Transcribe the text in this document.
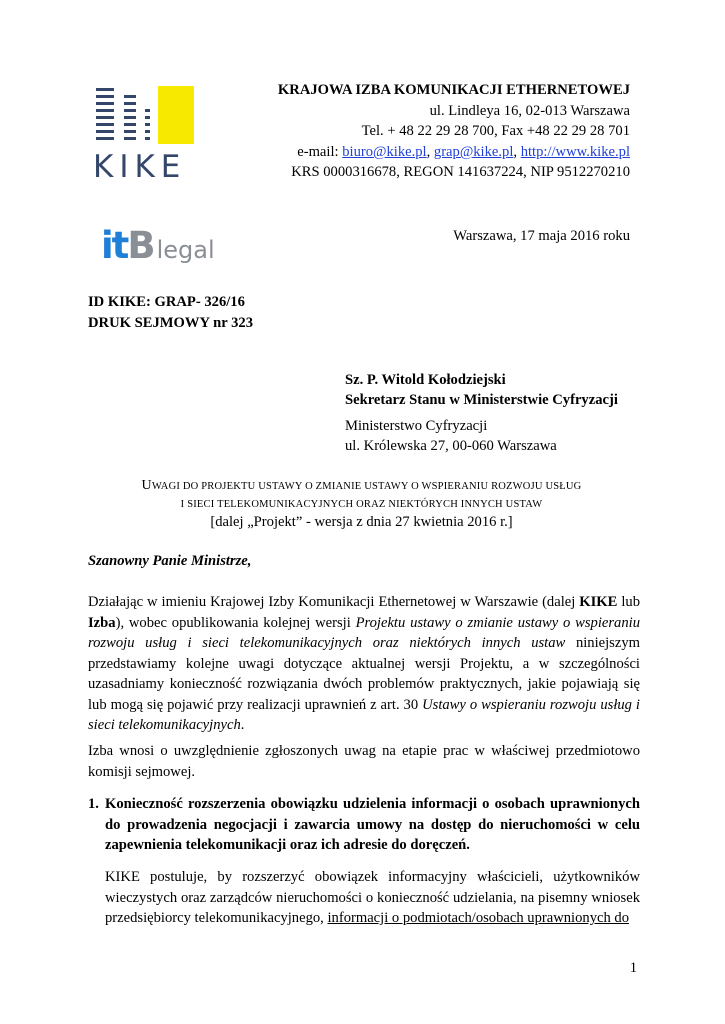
KIKE
itBlegal
KRAJOWA IZBA KOMUNIKACJI ETHERNETOWEJ
ul. Lindleya 16, 02-013 Warszawa
Tel. + 48 22 29 28 700, Fax +48 22 29 28 701
e-mail: biuro@kike.pl, grap@kike.pl, http://www.kike.pl
KRS 0000316678, REGON 141637224, NIP 9512270210
Warszawa, 17 maja 2016 roku
ID KIKE: GRAP- 326/16
DRUK SEJMOWY nr 323
Sz. P. Witold Kołodziejski
Sekretarz Stanu w Ministerstwie Cyfryzacji
Ministerstwo Cyfryzacji
ul. Królewska 27, 00-060 Warszawa
UWAGI DO PROJEKTU USTAWY O ZMIANIE USTAWY O WSPIERANIU ROZWOJU USŁUG
I SIECI TELEKOMUNIKACYJNYCH ORAZ NIEKTÓRYCH INNYCH USTAW
[dalej „Projekt” - wersja z dnia 27 kwietnia 2016 r.]
Szanowny Panie Ministrze,

Działając w imieniu Krajowej Izby Komunikacji Ethernetowej w Warszawie (dalej KIKE lub Izba), wobec opublikowania kolejnej wersji Projektu ustawy o zmianie ustawy o wspieraniu rozwoju usług i sieci telekomunikacyjnych oraz niektórych innych ustaw niniejszym przedstawiamy kolejne uwagi dotyczące aktualnej wersji Projektu, a w szczególności uzasadniamy konieczność rozwiązania dwóch problemów praktycznych, jakie pojawiają się lub mogą się pojawić przy realizacji uprawnień z art. 30 Ustawy o wspieraniu rozwoju usług i sieci telekomunikacyjnych.

Izba wnosi o uwzględnienie zgłoszonych uwag na etapie prac w właściwej przedmiotowo komisji sejmowej.

1. Konieczność rozszerzenia obowiązku udzielenia informacji o osobach uprawnionych do prowadzenia negocjacji i zawarcia umowy na dostęp do nieruchomości w celu zapewnienia telekomunikacji oraz ich adresie do doręczeń.

KIKE postuluje, by rozszerzyć obowiązek informacyjny właścicieli, użytkowników wieczystych oraz zarządców nieruchomości o konieczność udzielania, na pisemny wniosek przedsiębiorcy telekomunikacyjnego, informacji o podmiotach/osobach uprawnionych do

1
